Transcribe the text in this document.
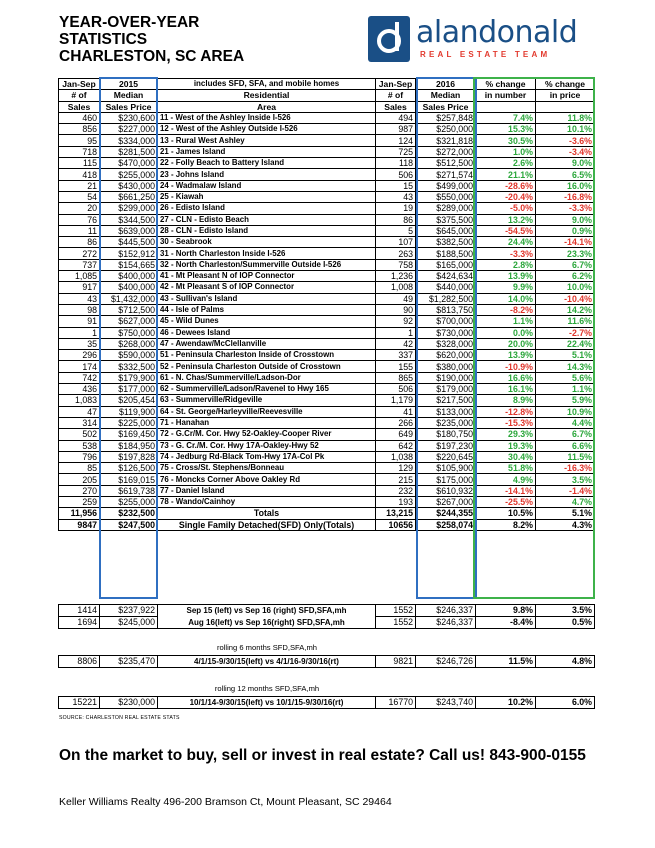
YEAR-OVER-YEAR
STATISTICS
CHARLESTON, SC AREA
alandonald
REAL ESTATE TEAM
Jan-Sep	2015	includes SFD, SFA, and mobile homes	Jan-Sep	2016	% change	% change
# of	Median	Residential	# of	Median	in number	in price
Sales	Sales Price	Area	Sales	Sales Price		
460	$230,600	11 - West of the Ashley Inside I-526	494	$257,848	7.4%	11.8%
856	$227,000	12 - West of the Ashley Outside I-526	987	$250,000	15.3%	10.1%
95	$334,000	13 - Rural West Ashley	124	$321,818	30.5%	-3.6%
718	$281,500	21 - James Island	725	$272,000	1.0%	-3.4%
115	$470,000	22 - Folly Beach to Battery Island	118	$512,500	2.6%	9.0%
418	$255,000	23 - Johns Island	506	$271,574	21.1%	6.5%
21	$430,000	24 - Wadmalaw Island	15	$499,000	-28.6%	16.0%
54	$661,250	25 - Kiawah	43	$550,000	-20.4%	-16.8%
20	$299,000	26 - Edisto Island	19	$289,000	-5.0%	-3.3%
76	$344,500	27 - CLN - Edisto Beach	86	$375,500	13.2%	9.0%
11	$639,000	28 - CLN - Edisto Island	5	$645,000	-54.5%	0.9%
86	$445,500	30 - Seabrook	107	$382,500	24.4%	-14.1%
272	$152,912	31 - North Charleston Inside I-526	263	$188,500	-3.3%	23.3%
737	$154,665	32 - North Charleston/Summerville Outside I-526	758	$165,000	2.8%	6.7%
1,085	$400,000	41 - Mt Pleasant N of IOP Connector	1,236	$424,634	13.9%	6.2%
917	$400,000	42 - Mt Pleasant S of IOP Connector	1,008	$440,000	9.9%	10.0%
43	$1,432,000	43 - Sullivan's Island	49	$1,282,500	14.0%	-10.4%
98	$712,500	44 - Isle of Palms	90	$813,750	-8.2%	14.2%
91	$627,000	45 - Wild Dunes	92	$700,000	1.1%	11.6%
1	$750,000	46 - Dewees Island	1	$730,000	0.0%	-2.7%
35	$268,000	47 - Awendaw/McClellanville	42	$328,000	20.0%	22.4%
296	$590,000	51 - Peninsula Charleston Inside of Crosstown	337	$620,000	13.9%	5.1%
174	$332,500	52 - Peninsula Charleston Outside of Crosstown	155	$380,000	-10.9%	14.3%
742	$179,900	61 - N. Chas/Summerville/Ladson-Dor	865	$190,000	16.6%	5.6%
436	$177,000	62 - Summerville/Ladson/Ravenel to Hwy 165	506	$179,000	16.1%	1.1%
1,083	$205,454	63 - Summerville/Ridgeville	1,179	$217,500	8.9%	5.9%
47	$119,900	64 - St. George/Harleyville/Reevesville	41	$133,000	-12.8%	10.9%
314	$225,000	71 - Hanahan	266	$235,000	-15.3%	4.4%
502	$169,450	72 - G.Cr/M. Cor. Hwy 52-Oakley-Cooper River	649	$180,750	29.3%	6.7%
538	$184,950	73 - G. Cr./M. Cor. Hwy 17A-Oakley-Hwy 52	642	$197,230	19.3%	6.6%
796	$197,828	74 - Jedburg Rd-Black Tom-Hwy 17A-Col Pk	1,038	$220,645	30.4%	11.5%
85	$126,500	75 - Cross/St. Stephens/Bonneau	129	$105,900	51.8%	-16.3%
205	$169,015	76 - Moncks Corner Above Oakley Rd	215	$175,000	4.9%	3.5%
270	$619,738	77 - Daniel Island	232	$610,932	-14.1%	-1.4%
259	$255,000	78 - Wando/Cainhoy	193	$267,000	-25.5%	4.7%
11,956	$232,500	Totals	13,215	$244,355	10.5%	5.1%
9847	$247,500	Single Family Detached(SFD) Only(Totals)	10656	$258,074	8.2%	4.3%
1414	$237,922	Sep 15 (left) vs Sep 16 (right) SFD,SFA,mh	1552	$246,337	9.8%	3.5%
1694	$245,000	Aug 16(left) vs Sep 16(right) SFD,SFA,mh	1552	$246,337	-8.4%	0.5%
rolling 6 months SFD,SFA,mh
8806	$235,470	4/1/15-9/30/15(left) vs 4/1/16-9/30/16(rt)	9821	$246,726	11.5%	4.8%
rolling 12 months SFD,SFA,mh
15221	$230,000	10/1/14-9/30/15(left) vs 10/1/15-9/30/16(rt)	16770	$243,740	10.2%	6.0%
SOURCE: CHARLESTON REAL ESTATE STATS
On the market to buy, sell or invest in real estate? Call us! 843-900-0155
Keller Williams Realty 496-200 Bramson Ct, Mount Pleasant, SC 29464
